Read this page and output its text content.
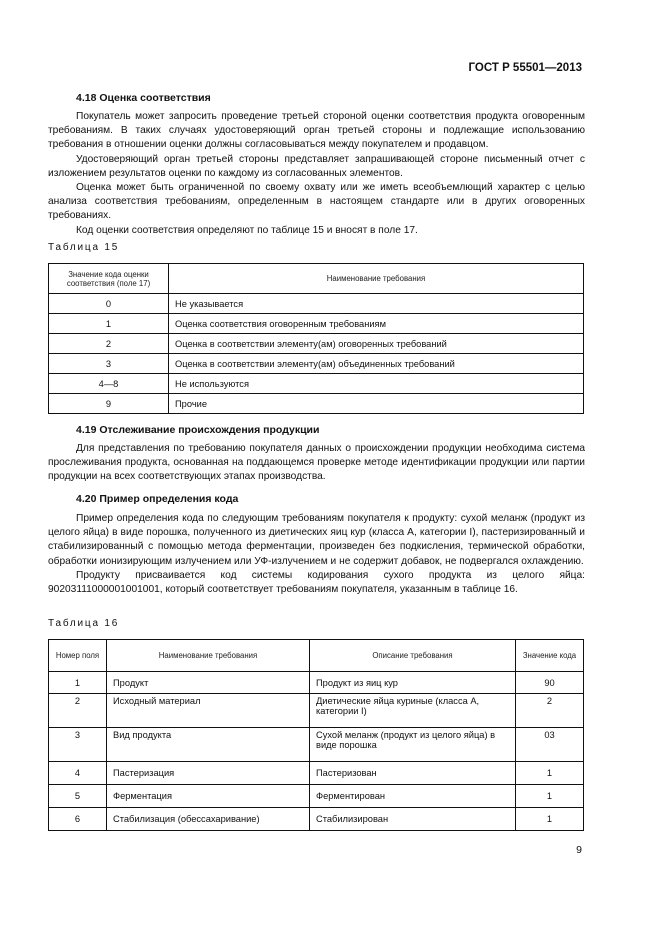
ГОСТ Р 55501—2013
4.18 Оценка соответствия

Покупатель может запросить проведение третьей стороной оценки соответствия продукта оговоренным требованиям. В таких случаях удостоверяющий орган третьей стороны и подлежащие использованию требования в отношении оценки должны согласовываться между покупателем и продавцом.

Удостоверяющий орган третьей стороны представляет запрашивающей стороне письменный отчет с изложением результатов оценки по каждому из согласованных элементов.

Оценка может быть ограниченной по своему охвату или же иметь всеобъемлющий характер с целью анализа соответствия требованиям, определенным в настоящем стандарте или в других оговоренных требованиях.

Код оценки соответствия определяют по таблице 15 и вносят в поле 17.

Таблица 15
Значение кода оценки соответствия (поле 17)	Наименование требования
0	Не указывается
1	Оценка соответствия оговоренным требованиям
2	Оценка в соответствии элементу(ам) оговоренных требований
3	Оценка в соответствии элементу(ам) объединенных требований
4—8	Не используются
9	Прочие
4.19 Отслеживание происхождения продукции

Для представления по требованию покупателя данных о происхождении продукции необходима система прослеживания продукта, основанная на поддающемся проверке методе идентификации продукции или партии продукции на всех соответствующих этапах производства.

4.20 Пример определения кода

Пример определения кода по следующим требованиям покупателя к продукту: сухой меланж (продукт из целого яйца) в виде порошка, полученного из диетических яиц кур (класса А, категории I), пастеризированный и стабилизированный с помощью метода ферментации, произведен без подкисления, термической обработки, обработки ионизирующим излучением или УФ-излучением и не содержит добавок, не подвергался охлаждению.

Продукту присваивается код системы кодирования сухого продукта из целого яйца: 90203111000001001001, который соответствует требованиям покупателя, указанным в таблице 16.

Таблица 16
Номер поля	Наименование требования	Описание требования	Значение кода
1	Продукт	Продукт из яиц кур	90
2	Исходный материал	Диетические яйца куриные (класса А, категории I)	2
3	Вид продукта	Сухой меланж (продукт из целого яйца) в виде порошка	03
4	Пастеризация	Пастеризован	1
5	Ферментация	Ферментирован	1
6	Стабилизация (обессахаривание)	Стабилизирован	1
9
